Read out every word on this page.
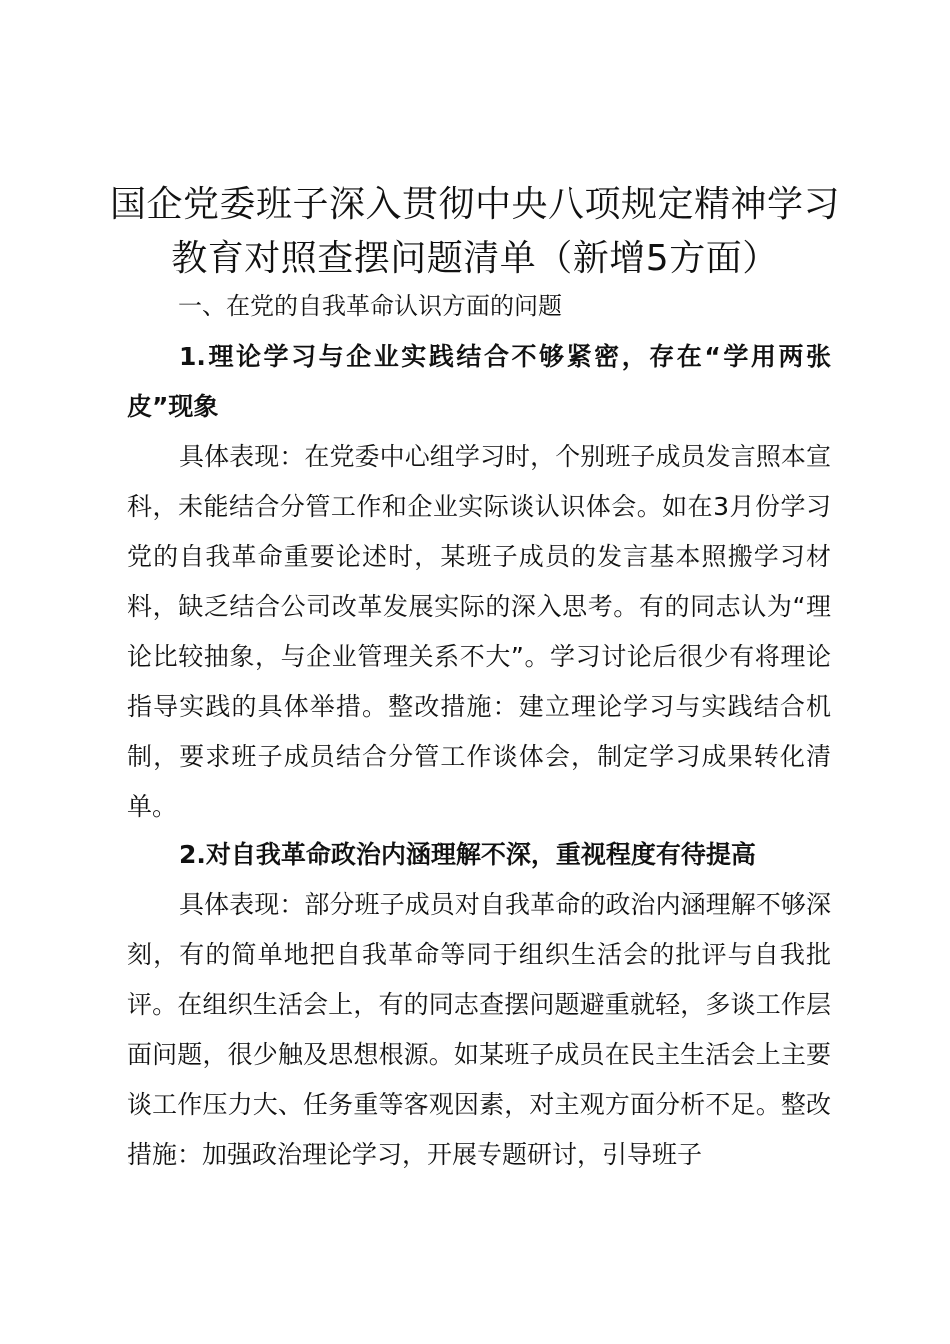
国企党委班子深入贯彻中央八项规定精神学习教育对照查摆问题清单（新增5方面）

一、在党的自我革命认识方面的问题

1.理论学习与企业实践结合不够紧密，存在“学用两张皮”现象

具体表现：在党委中心组学习时，个别班子成员发言照本宣科，未能结合分管工作和企业实际谈认识体会。如在3月份学习党的自我革命重要论述时，某班子成员的发言基本照搬学习材料，缺乏结合公司改革发展实际的深入思考。有的同志认为“理论比较抽象，与企业管理关系不大”。学习讨论后很少有将理论指导实践的具体举措。整改措施：建立理论学习与实践结合机制，要求班子成员结合分管工作谈体会，制定学习成果转化清单。

2.对自我革命政治内涵理解不深，重视程度有待提高

具体表现：部分班子成员对自我革命的政治内涵理解不够深刻，有的简单地把自我革命等同于组织生活会的批评与自我批评。在组织生活会上，有的同志查摆问题避重就轻，多谈工作层面问题，很少触及思想根源。如某班子成员在民主生活会上主要谈工作压力大、任务重等客观因素，对主观方面分析不足。整改措施：加强政治理论学习，开展专题研讨，引导班子
